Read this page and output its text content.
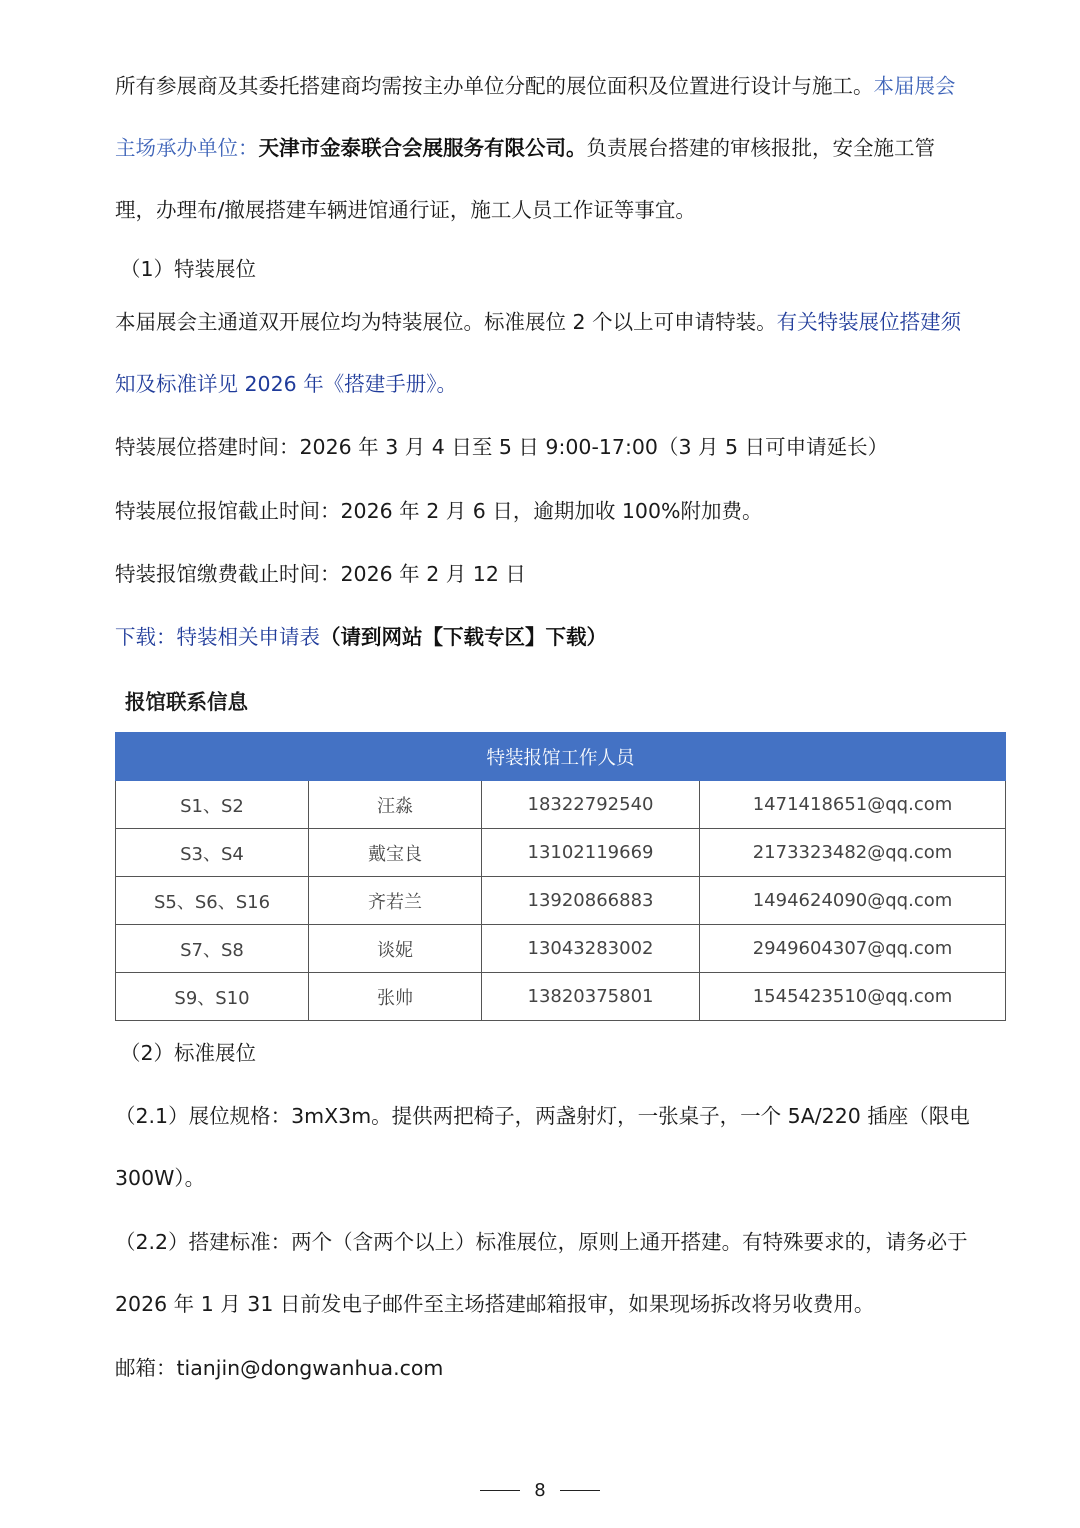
所有参展商及其委托搭建商均需按主办单位分配的展位面积及位置进行设计与施工。本届展会主场承办单位：天津市金泰联合会展服务有限公司。负责展台搭建的审核报批，安全施工管理，办理布/撤展搭建车辆进馆通行证，施工人员工作证等事宜。

（1）特装展位

本届展会主通道双开展位均为特装展位。标准展位 2 个以上可申请特装。有关特装展位搭建须知及标准详见 2026 年《搭建手册》。

特装展位搭建时间：2026 年 3 月 4 日至 5 日 9:00-17:00（3 月 5 日可申请延长）

特装展位报馆截止时间：2026 年 2 月 6 日，逾期加收 100%附加费。

特装报馆缴费截止时间：2026 年 2 月 12 日

下载：特装相关申请表（请到网站【下载专区】下载）

报馆联系信息

特装报馆工作人员			
S1、S2	汪淼	18322792540	1471418651@qq.com
S3、S4	戴宝良	13102119669	2173323482@qq.com
S5、S6、S16	齐若兰	13920866883	1494624090@qq.com
S7、S8	谈妮	13043283002	2949604307@qq.com
S9、S10	张帅	13820375801	1545423510@qq.com

（2）标准展位

（2.1）展位规格：3mX3m。提供两把椅子，两盏射灯，一张桌子，一个 5A/220 插座（限电 300W）。

（2.2）搭建标准：两个（含两个以上）标准展位，原则上通开搭建。有特殊要求的，请务必于 2026 年 1 月 31 日前发电子邮件至主场搭建邮箱报审，如果现场拆改将另收费用。

邮箱：tianjin@dongwanhua.com

8
